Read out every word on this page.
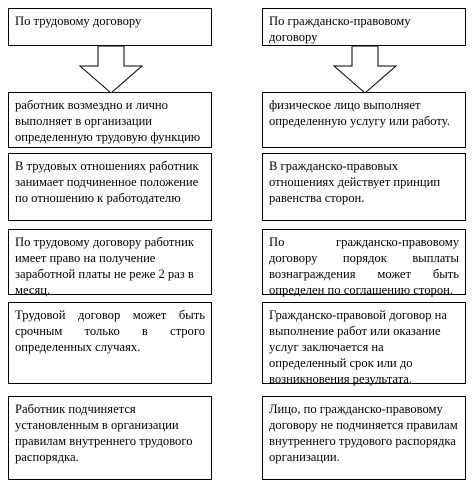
По трудовому договору
работник возмездно и лично выполняет в организации определенную трудовую функцию
В трудовых отношениях работник занимает подчиненное положение по отношению к работодателю
По трудовому договору работник имеет право на получение заработной платы не реже 2 раз в месяц.
Трудовой договор может быть срочным только в строго определенных случаях.
Работник подчиняется установленным в организации правилам внутреннего трудового распорядка.
По гражданско-правовому договору
физическое лицо выполняет определенную услугу или работу.
В гражданско-правовых отношениях действует принцип равенства сторон.
По гражданско-правовому договору порядок выплаты вознаграждения может быть определен по соглашению сторон.
Гражданско-правовой договор на выполнение работ или оказание услуг заключается на определенный срок или до возникновения результата.
Лицо, по гражданско-правовому договору не подчиняется правилам внутреннего трудового распорядка организации.
